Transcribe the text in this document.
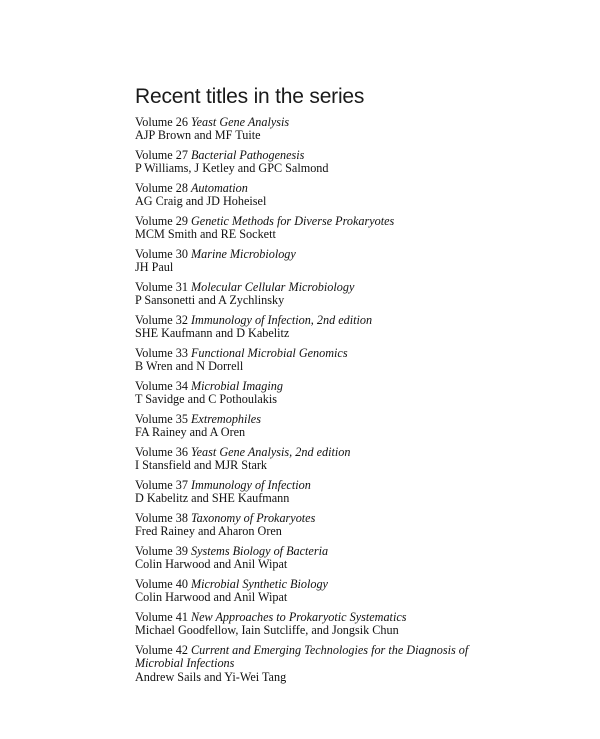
Recent titles in the series
Volume 26 Yeast Gene Analysis
AJP Brown and MF Tuite
Volume 27 Bacterial Pathogenesis
P Williams, J Ketley and GPC Salmond
Volume 28 Automation
AG Craig and JD Hoheisel
Volume 29 Genetic Methods for Diverse Prokaryotes
MCM Smith and RE Sockett
Volume 30 Marine Microbiology
JH Paul
Volume 31 Molecular Cellular Microbiology
P Sansonetti and A Zychlinsky
Volume 32 Immunology of Infection, 2nd edition
SHE Kaufmann and D Kabelitz
Volume 33 Functional Microbial Genomics
B Wren and N Dorrell
Volume 34 Microbial Imaging
T Savidge and C Pothoulakis
Volume 35 Extremophiles
FA Rainey and A Oren
Volume 36 Yeast Gene Analysis, 2nd edition
I Stansfield and MJR Stark
Volume 37 Immunology of Infection
D Kabelitz and SHE Kaufmann
Volume 38 Taxonomy of Prokaryotes
Fred Rainey and Aharon Oren
Volume 39 Systems Biology of Bacteria
Colin Harwood and Anil Wipat
Volume 40 Microbial Synthetic Biology
Colin Harwood and Anil Wipat
Volume 41 New Approaches to Prokaryotic Systematics
Michael Goodfellow, Iain Sutcliffe, and Jongsik Chun
Volume 42 Current and Emerging Technologies for the Diagnosis of Microbial Infections
Andrew Sails and Yi-Wei Tang
